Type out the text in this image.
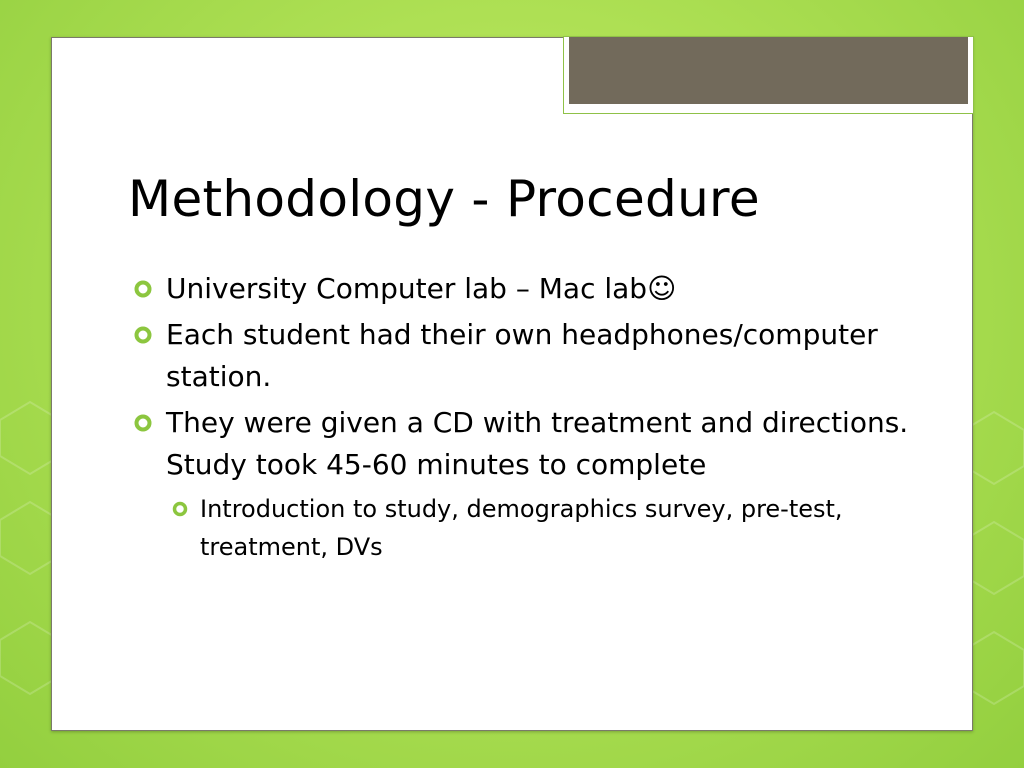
Methodology - Procedure
University Computer lab – Mac lab☺
Each student had their own headphones/computer station.
They were given a CD with treatment and directions. Study took 45-60 minutes to complete
Introduction to study, demographics survey, pre-test, treatment, DVs
